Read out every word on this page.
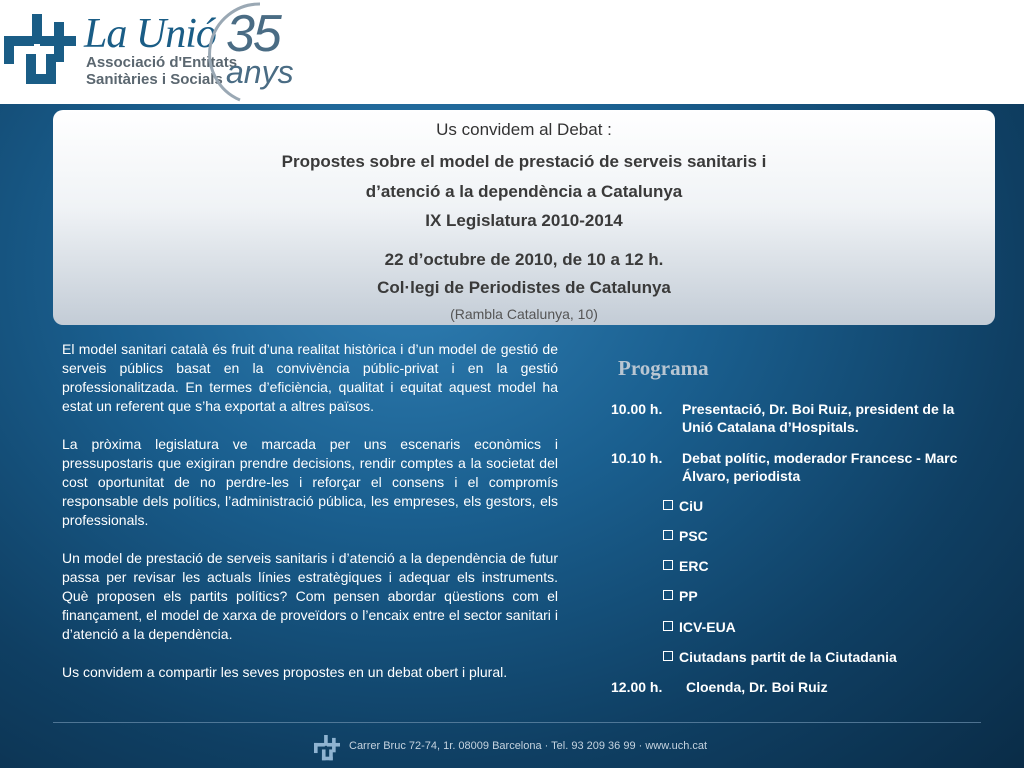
La Unió
Associació d'Entitats
Sanitàries i Socials
35
anys
Us convidem al Debat :
Propostes sobre el model de prestació de serveis sanitaris i
d’atenció a la dependència a Catalunya
IX Legislatura 2010-2014
22 d’octubre de 2010, de 10 a 12 h.
Col·legi de Periodistes de Catalunya
(Rambla Catalunya, 10)

El model sanitari català és fruit d’una realitat històrica i d’un model de gestió de serveis públics basat en la convivència públic-privat i en la gestió professionalitzada. En termes d’eficiència, qualitat i equitat aquest model ha estat un referent que s’ha exportat a altres països.

La pròxima legislatura ve marcada per uns escenaris econòmics i pressupostaris que exigiran prendre decisions, rendir comptes a la societat del cost oportunitat de no perdre-les i reforçar el consens i el compromís responsable dels polítics, l’administració pública, les empreses, els gestors, els professionals.

Un model de prestació de serveis sanitaris i d’atenció a la dependència de futur passa per revisar les actuals línies estratègiques i adequar els instruments. Què proposen els partits polítics? Com pensen abordar qüestions com el finançament, el model de xarxa de proveïdors o l’encaix entre el sector sanitari i d’atenció a la dependència.

Us convidem a compartir les seves propostes en un debat obert i plural.

Programa
10.00 h. Presentació, Dr. Boi Ruiz, president de la Unió Catalana d’Hospitals.
10.10 h. Debat polític, moderador Francesc - Marc Álvaro, periodista
CiU
PSC
ERC
PP
ICV-EUA
Ciutadans partit de la Ciutadania
12.00 h. Cloenda, Dr. Boi Ruiz
Carrer Bruc 72-74, 1r. 08009 Barcelona · Tel. 93 209 36 99 · www.uch.cat
